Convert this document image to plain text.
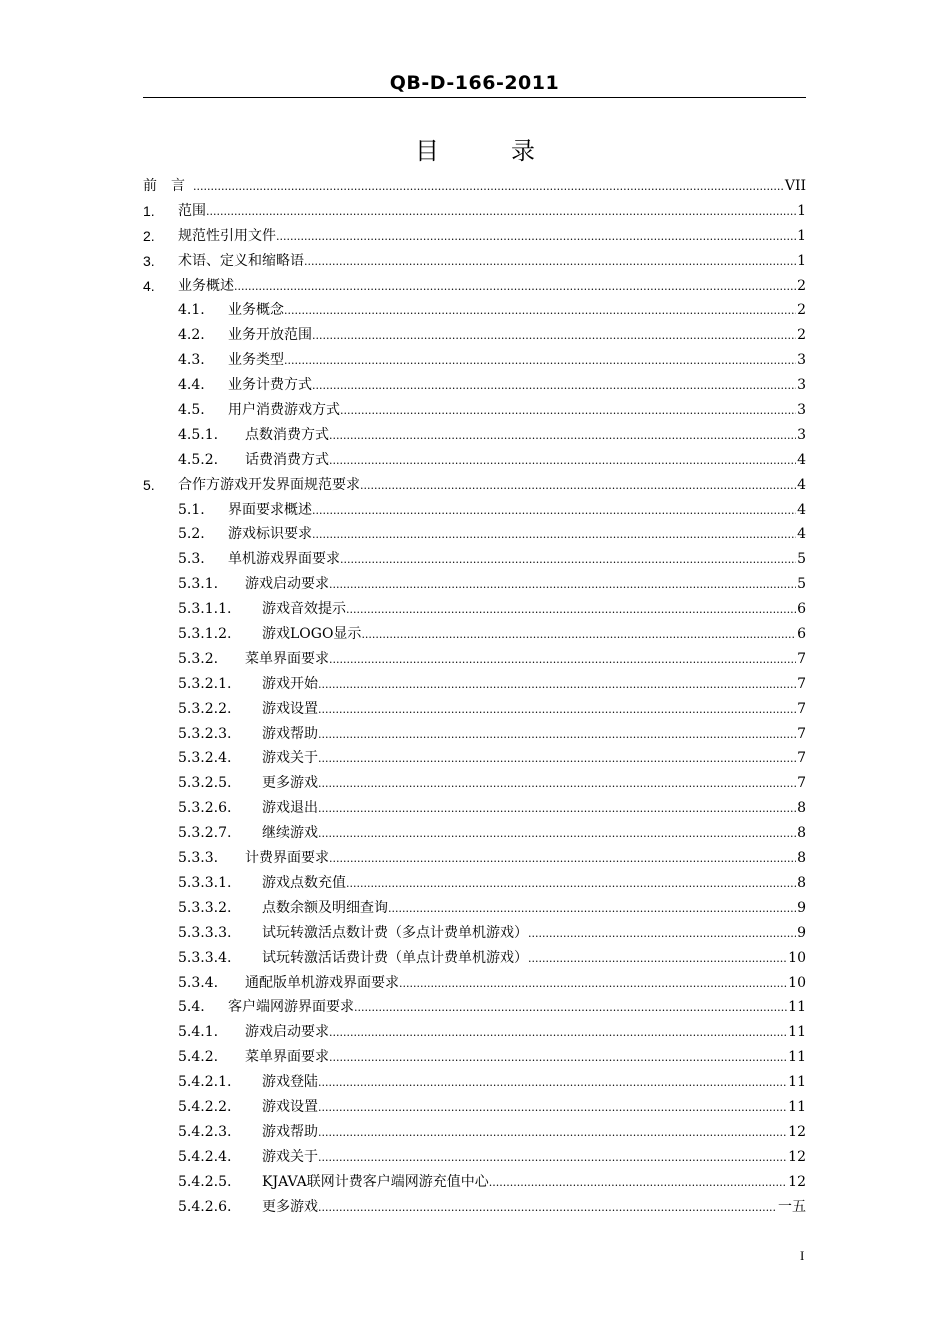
QB-D-166-2011
目　录
前　言 .....	VII
1. 范围 .....	1
2. 规范性引用文件 .....	1
3. 术语、定义和缩略语 .....	1
4. 业务概述 .....	2
4.1. 业务概念 .....	2
4.2. 业务开放范围 .....	2
4.3. 业务类型 .....	3
4.4. 业务计费方式 .....	3
4.5. 用户消费游戏方式 .....	3
4.5.1. 点数消费方式 .....	3
4.5.2. 话费消费方式 .....	4
5. 合作方游戏开发界面规范要求 .....	4
5.1. 界面要求概述 .....	4
5.2. 游戏标识要求 .....	4
5.3. 单机游戏界面要求 .....	5
5.3.1. 游戏启动要求 .....	5
5.3.1.1. 游戏音效提示 .....	6
5.3.1.2. 游戏LOGO显示 .....	6
5.3.2. 菜单界面要求 .....	7
5.3.2.1. 游戏开始 .....	7
5.3.2.2. 游戏设置 .....	7
5.3.2.3. 游戏帮助 .....	7
5.3.2.4. 游戏关于 .....	7
5.3.2.5. 更多游戏 .....	7
5.3.2.6. 游戏退出 .....	8
5.3.2.7. 继续游戏 .....	8
5.3.3. 计费界面要求 .....	8
5.3.3.1. 游戏点数充值 .....	8
5.3.3.2. 点数余额及明细查询 .....	9
5.3.3.3. 试玩转激活点数计费（多点计费单机游戏） .....	9
5.3.3.4. 试玩转激活话费计费（单点计费单机游戏） .....	10
5.3.4. 通配版单机游戏界面要求 .....	10
5.4. 客户端网游界面要求 .....	11
5.4.1. 游戏启动要求 .....	11
5.4.2. 菜单界面要求 .....	11
5.4.2.1. 游戏登陆 .....	11
5.4.2.2. 游戏设置 .....	11
5.4.2.3. 游戏帮助 .....	12
5.4.2.4. 游戏关于 .....	12
5.4.2.5. KJAVA联网计费客户端网游充值中心 .....	12
5.4.2.6. 更多游戏 .....	一五
I
